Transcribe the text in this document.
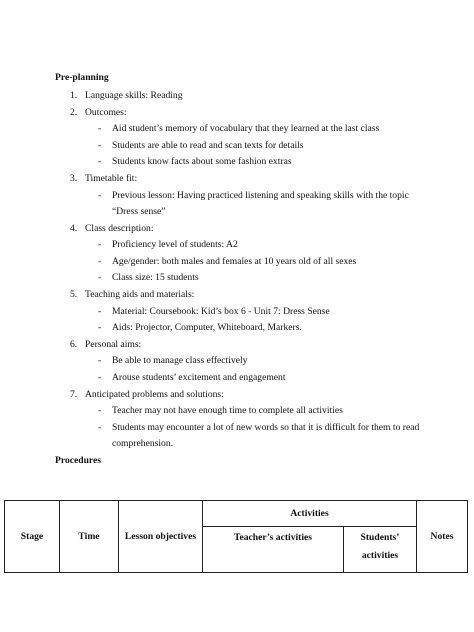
Pre-planning
1. Language skills: Reading
2. Outcomes:
- Aid student’s memory of vocabulary that they learned at the last class
- Students are able to read and scan texts for details
- Students know facts about some fashion extras
3. Timetable fit:
- Previous lesson: Having practiced listening and speaking skills with the topic
“Dress sense”
4. Class description:
- Proficiency level of students: A2
- Age/gender: both males and females at 10 years old of all sexes
- Class size: 15 students
5. Teaching aids and materials:
- Material: Coursebook: Kid’s box 6 - Unit 7: Dress Sense
- Aids: Projector, Computer, Whiteboard, Markers.
6. Personal aims:
- Be able to manage class effectively
- Arouse students’ excitement and engagement
7. Anticipated problems and solutions:
- Teacher may not have enough time to complete all activities
- Students may encounter a lot of new words so that it is difficult for them to read
comprehension.
Procedures
Stage	Time	Lesson objectives	Activities		Notes
			Teacher’s activities	Students’
activities	
